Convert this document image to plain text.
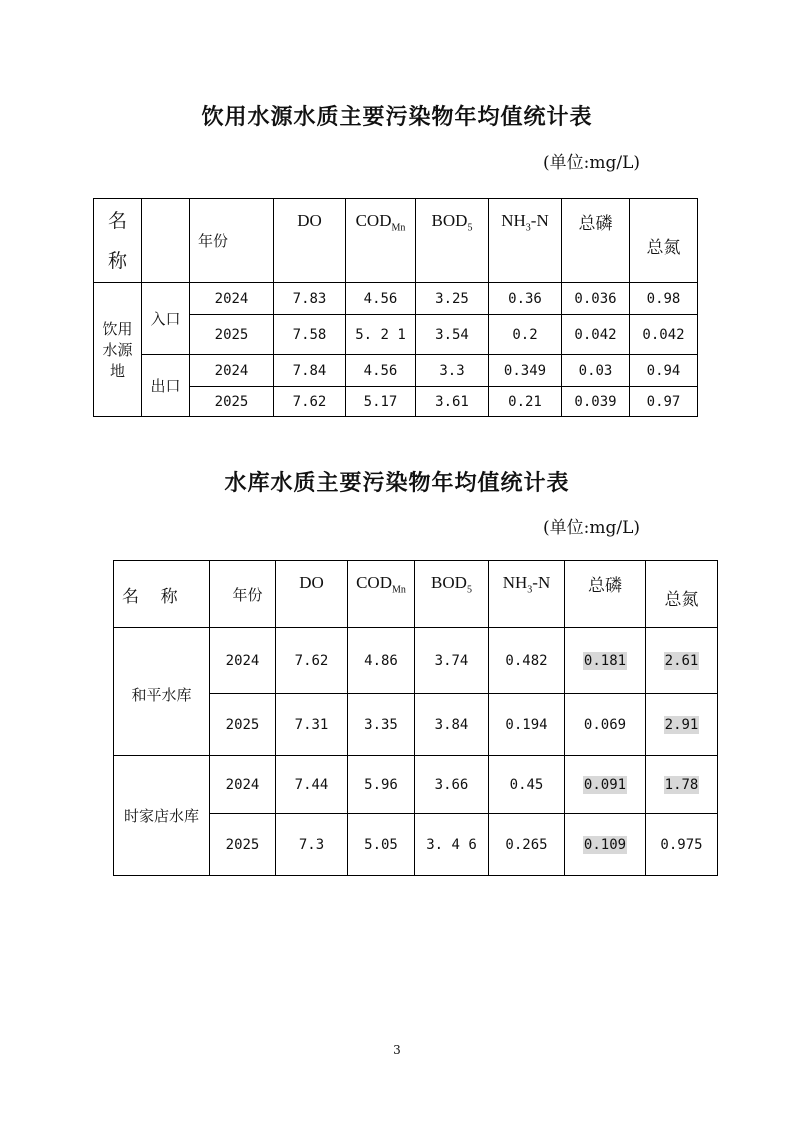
饮用水源水质主要污染物年均值统计表
(单位:mg/L)
名
称		年份	DO	$COD_{Mn}$	$BOD_5$	$NH_3-N$	总磷	总氮
饮用
水源
地	入口	2024	7.83	4.56	3.25	0.36	0.036	0.98
		2025	7.58	5. 2 1	3.54	0.2	0.042	0.042
	出口	2024	7.84	4.56	3.3	0.349	0.03	0.94
		2025	7.62	5.17	3.61	0.21	0.039	0.97
水库水质主要污染物年均值统计表
(单位:mg/L)
名    称	年份	DO	$COD_{Mn}$	$BOD_5$	$NH_3-N$	总磷	总氮
和平水库	2024	7.62	4.86	3.74	0.482	0.181	2.61
	2025	7.31	3.35	3.84	0.194	0.069	2.91
时家店水库	2024	7.44	5.96	3.66	0.45	0.091	1.78
	2025	7.3	5.05	3. 4 6	0.265	0.109	0.975
3
